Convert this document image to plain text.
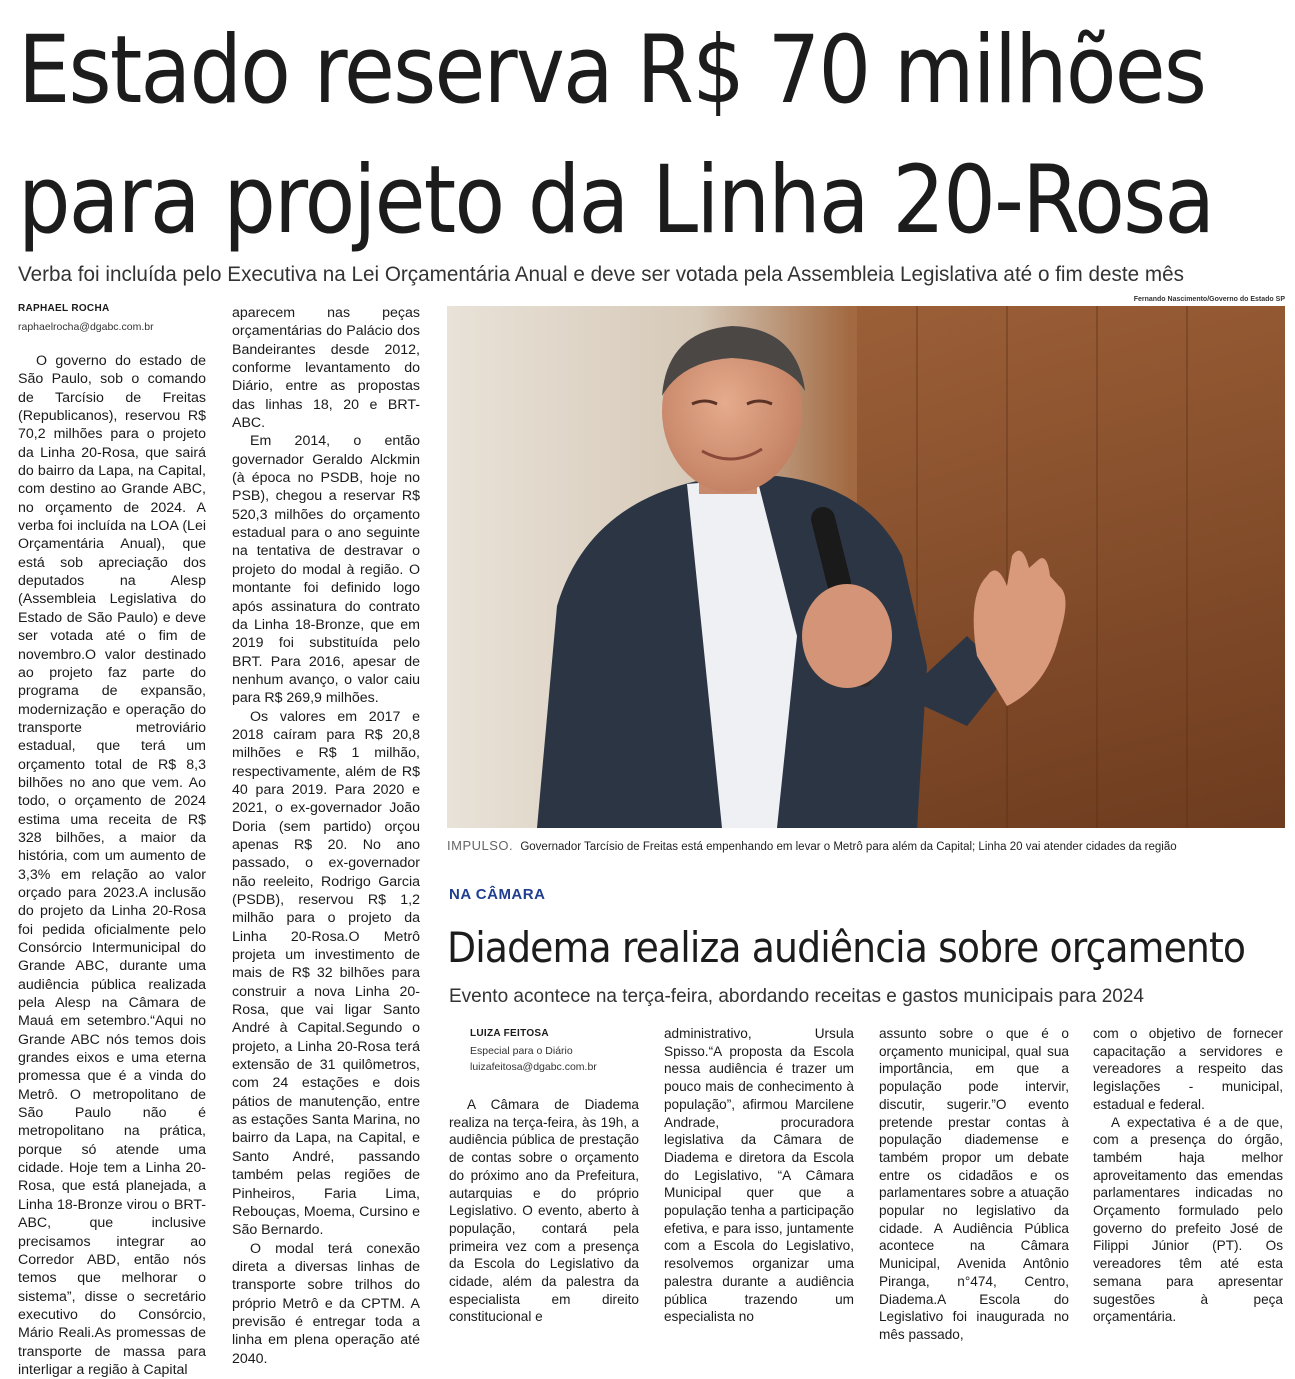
Estado reserva R$ 70 milhões
para projeto da Linha 20-Rosa

Verba foi incluída pelo Executiva na Lei Orçamentária Anual e deve ser votada pela Assembleia Legislativa até o fim deste mês

RAPHAEL ROCHA
raphaelrocha@dgabc.com.br

O governo do estado de São Paulo, sob o comando de Tarcísio de Freitas (Republicanos), reservou R$ 70,2 milhões para o projeto da Linha 20-Rosa, que sairá do bairro da Lapa, na Capital, com destino ao Grande ABC, no orçamento de 2024. A verba foi incluída na LOA (Lei Orçamentária Anual), que está sob apreciação dos deputados na Alesp (Assembleia Legislativa do Estado de São Paulo) e deve ser votada até o fim de novembro.O valor destinado ao projeto faz parte do programa de expansão, modernização e operação do transporte metroviário estadual, que terá um orçamento total de R$ 8,3 bilhões no ano que vem. Ao todo, o orçamento de 2024 estima uma receita de R$ 328 bilhões, a maior da história, com um aumento de 3,3% em relação ao valor orçado para 2023.A inclusão do projeto da Linha 20-Rosa foi pedida oficialmente pelo Consórcio Intermunicipal do Grande ABC, durante uma audiência pública realizada pela Alesp na Câmara de Mauá em setembro.“Aqui no Grande ABC nós temos dois grandes eixos e uma eterna promessa que é a vinda do Metrô. O metropolitano de São Paulo não é metropolitano na prática, porque só atende uma cidade. Hoje tem a Linha 20-Rosa, que está planejada, a Linha 18-Bronze virou o BRT-ABC, que inclusive precisamos integrar ao Corredor ABD, então nós temos que melhorar o sistema”, disse o secretário executivo do Consórcio, Mário Reali.As promessas de transporte de massa para interligar a região à Capital

aparecem nas peças orçamentárias do Palácio dos Bandeirantes desde 2012, conforme levantamento do Diário, entre as propostas das linhas 18, 20 e BRT-ABC.

Em 2014, o então governador Geraldo Alckmin (à época no PSDB, hoje no PSB), chegou a reservar R$ 520,3 milhões do orçamento estadual para o ano seguinte na tentativa de destravar o projeto do modal à região. O montante foi definido logo após assinatura do contrato da Linha 18-Bronze, que em 2019 foi substituída pelo BRT. Para 2016, apesar de nenhum avanço, o valor caiu para R$ 269,9 milhões.

Os valores em 2017 e 2018 caíram para R$ 20,8 milhões e R$ 1 milhão, respectivamente, além de R$ 40 para 2019. Para 2020 e 2021, o ex-governador João Doria (sem partido) orçou apenas R$ 20. No ano passado, o ex-governador não reeleito, Rodrigo Garcia (PSDB), reservou R$ 1,2 milhão para o projeto da Linha 20-Rosa.O Metrô projeta um investimento de mais de R$ 32 bilhões para construir a nova Linha 20-Rosa, que vai ligar Santo André à Capital.Segundo o projeto, a Linha 20-Rosa terá extensão de 31 quilômetros, com 24 estações e dois pátios de manutenção, entre as estações Santa Marina, no bairro da Lapa, na Capital, e Santo André, passando também pelas regiões de Pinheiros, Faria Lima, Rebouças, Moema, Cursino e São Bernardo.

O modal terá conexão direta a diversas linhas de transporte sobre trilhos do próprio Metrô e da CPTM. A previsão é entregar toda a linha em plena operação até 2040.

Fernando Nascimento/Governo do Estado SP
IMPULSO. Governador Tarcísio de Freitas está empenhando em levar o Metrô para além da Capital; Linha 20 vai atender cidades da região
NA CÂMARA
Diadema realiza audiência sobre orçamento

Evento acontece na terça-feira, abordando receitas e gastos municipais para 2024

LUIZA FEITOSA
Especial para o Diário
luizafeitosa@dgabc.com.br

A Câmara de Diadema realiza na terça-feira, às 19h, a audiência pública de prestação de contas sobre o orçamento do próximo ano da Prefeitura, autarquias e do próprio Legislativo. O evento, aberto à população, contará pela primeira vez com a presença da Escola do Legislativo da cidade, além da palestra da especialista em direito constitucional e

administrativo, Ursula Spisso.“A proposta da Escola nessa audiência é trazer um pouco mais de conhecimento à população”, afirmou Marcilene Andrade, procuradora legislativa da Câmara de Diadema e diretora da Escola do Legislativo, “A Câmara Municipal quer que a população tenha a participação efetiva, e para isso, juntamente com a Escola do Legislativo, resolvemos organizar uma palestra durante a audiência pública trazendo um especialista no

assunto sobre o que é o orçamento municipal, qual sua importância, em que a população pode intervir, discutir, sugerir.”O evento pretende prestar contas à população diademense e também propor um debate entre os cidadãos e os parlamentares sobre a atuação popular no legislativo da cidade. A Audiência Pública acontece na Câmara Municipal, Avenida Antônio Piranga, n°474, Centro, Diadema.A Escola do Legislativo foi inaugurada no mês passado,

com o objetivo de fornecer capacitação a servidores e vereadores a respeito das legislações - municipal, estadual e federal.

A expectativa é a de que, com a presença do órgão, também haja melhor aproveitamento das emendas parlamentares indicadas no Orçamento formulado pelo governo do prefeito José de Filippi Júnior (PT). Os vereadores têm até esta semana para apresentar sugestões à peça orçamentária.
